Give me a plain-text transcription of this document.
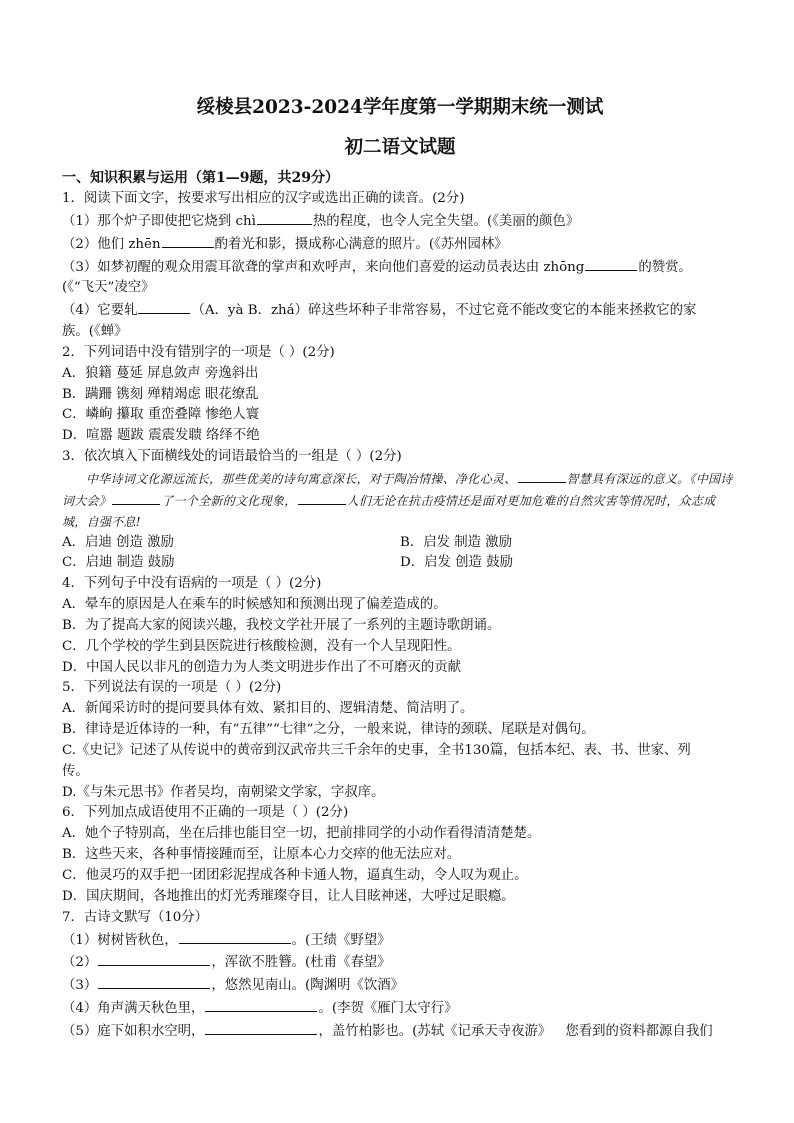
绥棱县2023-2024学年度第一学期期末统一测试
初二语文试题
一、知识积累与运用（第1—9题，共29分）
1．阅读下面文字，按要求写出相应的汉字或选出正确的读音。(2分)
（1）那个炉子即使把它烧到 chì	热的程度，也令人完全失望。(《美丽的颜色》
（2）他们 zhēn	酌着光和影，摄成称心满意的照片。(《苏州园林》
（3）如梦初醒的观众用震耳欲聋的掌声和欢呼声，来向他们喜爱的运动员表达由 zhōng	的赞赏。
(《“飞天”凌空》
（4）它要轧	（A．yà B．zhá）碎这些坏种子非常容易，不过它竟不能改变它的本能来拯救它的家
族。(《蝉》
2．下列词语中没有错别字的一项是（ ）(2分)
A．狼籍 蔓延 屏息敛声 旁逸斜出
B．蹒跚 镌刻 殚精竭虑 眼花缭乱
C．嶙峋 攥取 重峦叠障 惨绝人寰
D．喧嚣 题跋 震震发聩 络绎不绝
3．依次填入下面横线处的词语最恰当的一组是（ ）(2分)
中华诗词文化源远流长，那些优美的诗句寓意深长，对于陶冶情操、净化心灵、	智慧具有深远的意义。《中国诗词大会》	了一个全新的文化现象，	人们无论在抗击疫情还是面对更加危难的自然灾害等情况时，众志成城，自强不息!
A．启迪 创造 激励	B．启发 制造 激励
C．启迪 制造 鼓励	D．启发 创造 鼓励
4．下列句子中没有语病的一项是（ ）(2分)
A．晕车的原因是人在乘车的时候感知和预测出现了偏差造成的。
B．为了提高大家的阅读兴趣，我校文学社开展了一系列的主题诗歌朗诵。
C．几个学校的学生到县医院进行核酸检测，没有一个人呈现阳性。
D．中国人民以非凡的创造力为人类文明进步作出了不可磨灭的贡献
5．下列说法有误的一项是（ ）(2分)
A．新闻采访时的提问要具体有效、紧扣目的、逻辑清楚、简洁明了。
B．律诗是近体诗的一种，有“五律”“七律”之分，一般来说，律诗的颈联、尾联是对偶句。
C.《史记》记述了从传说中的黄帝到汉武帝共三千余年的史事，全书130篇，包括本纪、表、书、世家、列
传。
D.《与朱元思书》作者吴均，南朝梁文学家，字叔庠。
6．下列加点成语使用不正确的一项是（ ）(2分)
A．她个子特别高，坐在后排也能目空一切，把前排同学的小动作看得清清楚楚。
B．这些天来，各种事情接踵而至，让原本心力交瘁的他无法应对。
C．他灵巧的双手把一团团彩泥捏成各种卡通人物，逼真生动，令人叹为观止。
D．国庆期间，各地推出的灯光秀璀璨夺目，让人目眩神迷，大呼过足眼瘾。
7．古诗文默写（10分）
（1）树树皆秋色，	。(王绩《野望》
（2）	，浑欲不胜簪。(杜甫《春望》
（3）	，悠然见南山。(陶渊明《饮酒》
（4）角声满天秋色里，	。(李贺《雁门太守行》
（5）庭下如积水空明，	，盖竹柏影也。(苏轼《记承天寺夜游》 您看到的资料都源自我们
